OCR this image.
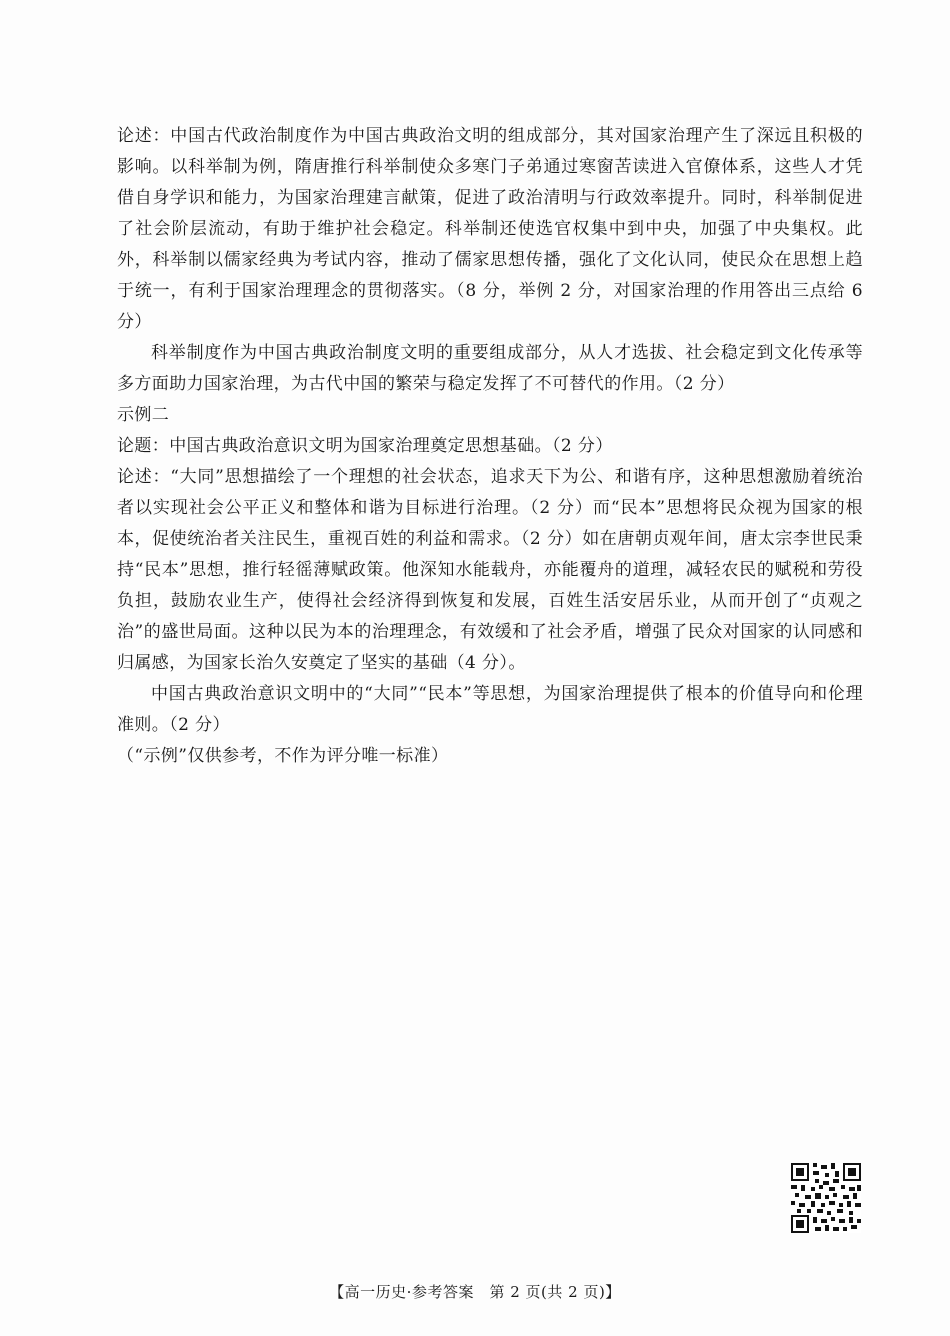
论述：中国古代政治制度作为中国古典政治文明的组成部分，其对国家治理产生了深远且积极的影响。以科举制为例，隋唐推行科举制使众多寒门子弟通过寒窗苦读进入官僚体系，这些人才凭借自身学识和能力，为国家治理建言献策，促进了政治清明与行政效率提升。同时，科举制促进了社会阶层流动，有助于维护社会稳定。科举制还使选官权集中到中央，加强了中央集权。此外，科举制以儒家经典为考试内容，推动了儒家思想传播，强化了文化认同，使民众在思想上趋于统一，有利于国家治理理念的贯彻落实。（8 分，举例 2 分，对国家治理的作用答出三点给 6 分）

科举制度作为中国古典政治制度文明的重要组成部分，从人才选拔、社会稳定到文化传承等多方面助力国家治理，为古代中国的繁荣与稳定发挥了不可替代的作用。（2 分）

示例二

论题：中国古典政治意识文明为国家治理奠定思想基础。（2 分）

论述：“大同”思想描绘了一个理想的社会状态，追求天下为公、和谐有序，这种思想激励着统治者以实现社会公平正义和整体和谐为目标进行治理。（2 分）而“民本”思想将民众视为国家的根本，促使统治者关注民生，重视百姓的利益和需求。（2 分）如在唐朝贞观年间，唐太宗李世民秉持“民本”思想，推行轻徭薄赋政策。他深知水能载舟，亦能覆舟的道理，减轻农民的赋税和劳役负担，鼓励农业生产，使得社会经济得到恢复和发展，百姓生活安居乐业，从而开创了“贞观之治”的盛世局面。这种以民为本的治理理念，有效缓和了社会矛盾，增强了民众对国家的认同感和归属感，为国家长治久安奠定了坚实的基础（4 分）。

中国古典政治意识文明中的“大同”“民本”等思想，为国家治理提供了根本的价值导向和伦理准则。（2 分）

（“示例”仅供参考，不作为评分唯一标准）

【高一历史·参考答案　第 2 页(共 2 页)】
